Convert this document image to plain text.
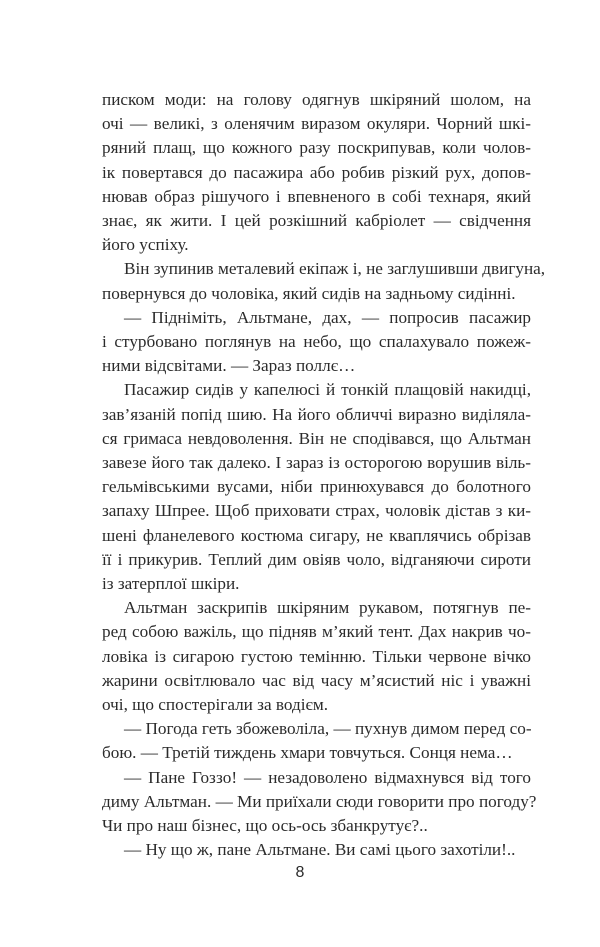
писком моди: на голову одягнув шкіряний шолом, на
очі — великі, з оленячим виразом окуляри. Чорний шкі-
ряний плащ, що кожного разу поскрипував, коли чолов-
ік повертався до пасажира або робив різкий рух, допов-
нював образ рішучого і впевненого в собі технаря, який
знає, як жити. І цей розкішний кабріолет — свідчення
його успіху.

Він зупинив металевий екіпаж і, не заглушивши двигуна,
повернувся до чоловіка, який сидів на задньому сидінні.

— Підніміть, Альтмане, дах, — попросив пасажир
і стурбовано поглянув на небо, що спалахувало пожеж-
ними відсвітами. — Зараз поллє…

Пасажир сидів у капелюсі й тонкій плащовій накидці,
зав’язаній попід шию. На його обличчі виразно виділяла-
ся гримаса невдоволення. Він не сподівався, що Альтман
завезе його так далеко. І зараз із осторогою ворушив віль-
гельмівськими вусами, ніби принюхувався до болотного
запаху Шпрее. Щоб приховати страх, чоловік дістав з ки-
шені фланелевого костюма сигару, не кваплячись обрізав
її і прикурив. Теплий дим овіяв чоло, відганяючи сироти
із затерплої шкіри.

Альтман заскрипів шкіряним рукавом, потягнув пе-
ред собою важіль, що підняв м’який тент. Дах накрив чо-
ловіка із сигарою густою темінню. Тільки червоне вічко
жарини освітлювало час від часу м’ясистий ніс і уважні
очі, що спостерігали за водієм.

— Погода геть збожеволіла, — пухнув димом перед со-
бою. — Третій тиждень хмари товчуться. Сонця нема…

— Пане Гоззо! — незадоволено відмахнувся від того
диму Альтман. — Ми приїхали сюди говорити про погоду?
Чи про наш бізнес, що ось-ось збанкрутує?..

— Ну що ж, пане Альтмане. Ви самі цього захотіли!..

8
